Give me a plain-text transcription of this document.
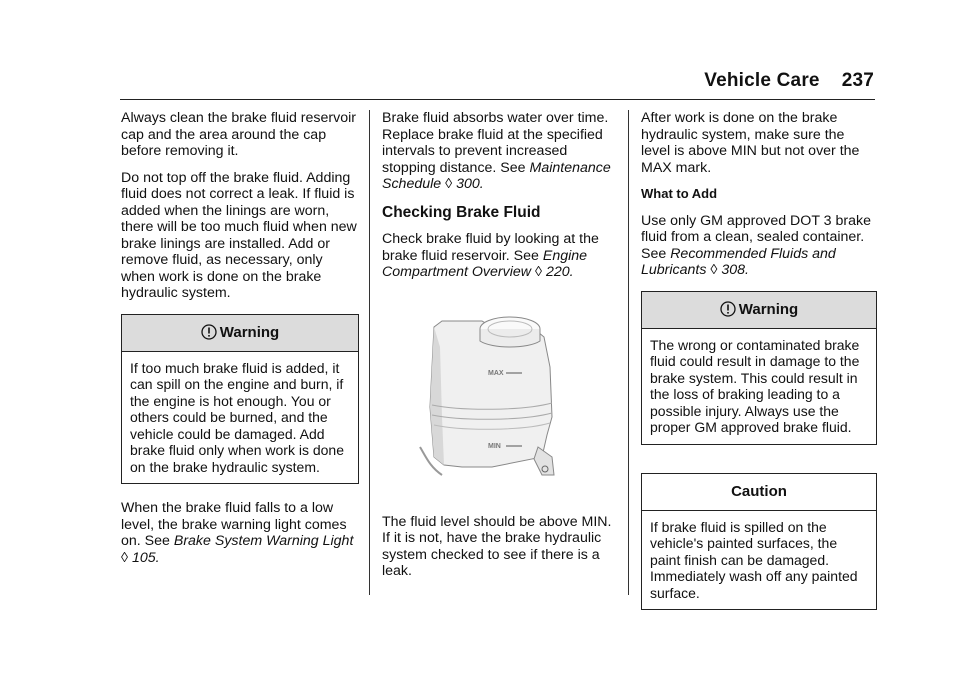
Vehicle Care 237

Always clean the brake fluid reservoir cap and the area around the cap before removing it.

Do not top off the brake fluid. Adding fluid does not correct a leak. If fluid is added when the linings are worn, there will be too much fluid when new brake linings are installed. Add or remove fluid, as necessary, only when work is done on the brake hydraulic system.

Warning
If too much brake fluid is added, it can spill on the engine and burn, if the engine is hot enough. You or others could be burned, and the vehicle could be damaged. Add brake fluid only when work is done on the brake hydraulic system.

When the brake fluid falls to a low level, the brake warning light comes on. See Brake System Warning Light ◊ 105.

Brake fluid absorbs water over time. Replace brake fluid at the specified intervals to prevent increased stopping distance. See Maintenance Schedule ◊ 300.

Checking Brake Fluid

Check brake fluid by looking at the brake fluid reservoir. See Engine Compartment Overview ◊ 220.

MAX
MIN

The fluid level should be above MIN. If it is not, have the brake hydraulic system checked to see if there is a leak.

After work is done on the brake hydraulic system, make sure the level is above MIN but not over the MAX mark.

What to Add

Use only GM approved DOT 3 brake fluid from a clean, sealed container. See Recommended Fluids and Lubricants ◊ 308.

Warning
The wrong or contaminated brake fluid could result in damage to the brake system. This could result in the loss of braking leading to a possible injury. Always use the proper GM approved brake fluid.
Caution
If brake fluid is spilled on the vehicle's painted surfaces, the paint finish can be damaged. Immediately wash off any painted surface.
